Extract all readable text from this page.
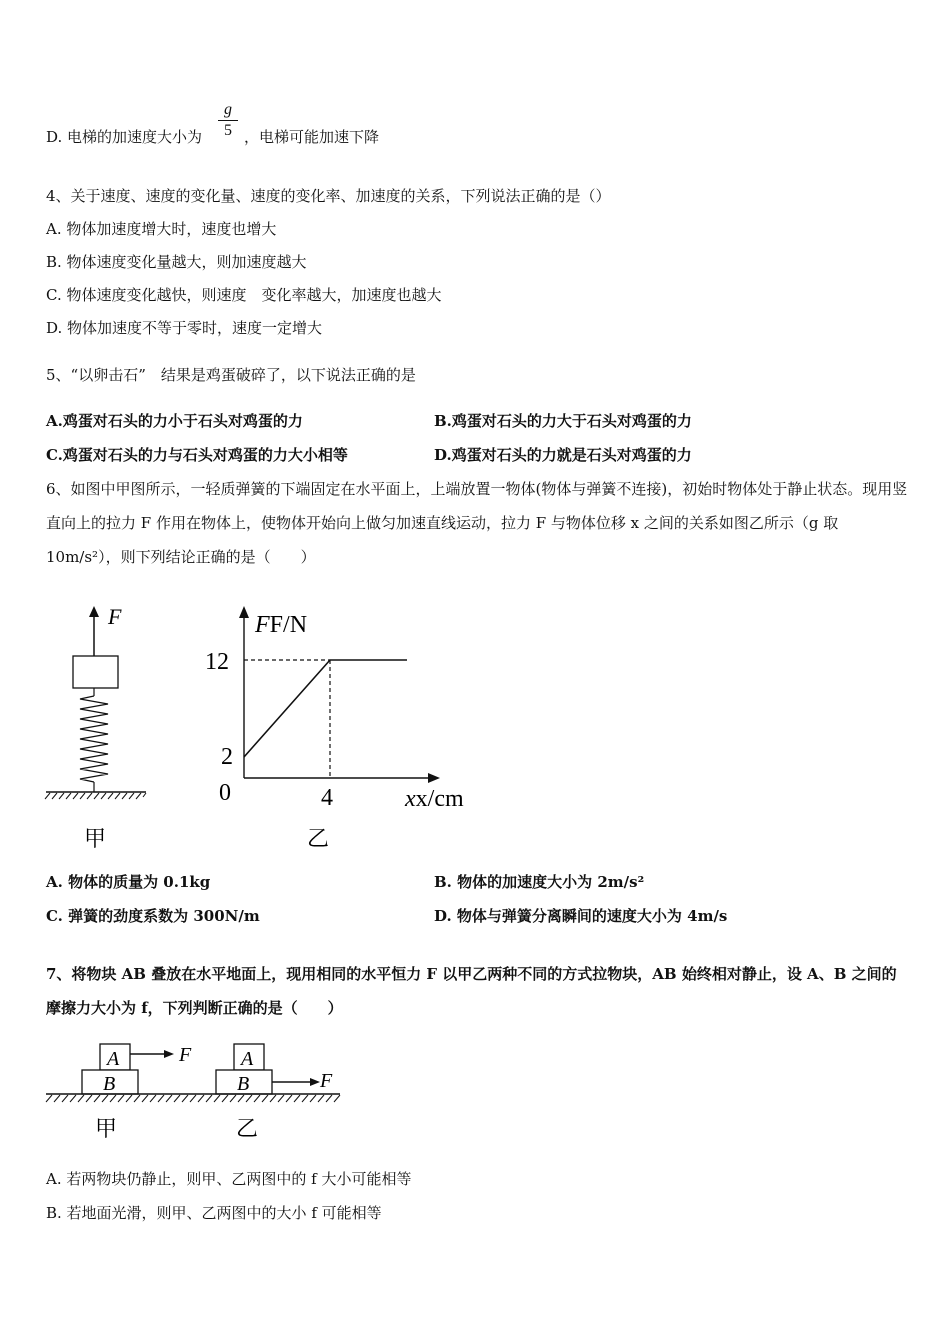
D. 电梯的加速度大小为 $\frac{g}{5}$ ，电梯可能加速下降
4、关于速度、速度的变化量、速度的变化率、加速度的关系，下列说法正确的是（）
A. 物体加速度增大时，速度也增大
B. 物体速度变化量越大，则加速度越大
C. 物体速度变化越快，则速度　变化率越大，加速度也越大
D. 物体加速度不等于零时，速度一定增大
5、“以卵击石”　结果是鸡蛋破碎了，以下说法正确的是
A.鸡蛋对石头的力小于石头对鸡蛋的力	B.鸡蛋对石头的力大于石头对鸡蛋的力
C.鸡蛋对石头的力与石头对鸡蛋的力大小相等	D.鸡蛋对石头的力就是石头对鸡蛋的力
6、如图中甲图所示，一轻质弹簧的下端固定在水平面上，上端放置一物体(物体与弹簧不连接)，初始时物体处于静止状态。现用竖直向上的拉力 F 作用在物体上，使物体开始向上做匀加速直线运动，拉力 F 与物体位移 x 之间的关系如图乙所示（g 取 10m/s²），则下列结论正确的是（　　）
F
甲
FF/N
xx/cm
0
12
2
4
乙
A. 物体的质量为 0.1kg	B. 物体的加速度大小为 2m/s²
C. 弹簧的劲度系数为 300N/m	D. 物体与弹簧分离瞬间的速度大小为 4m/s
7、将物块 AB 叠放在水平地面上，现用相同的水平恒力 F 以甲乙两种不同的方式拉物块，AB 始终相对静止，设 A、B 之间的摩擦力大小为 f，下列判断正确的是（　　）
A
B
F A
B	F
甲	乙
A. 若两物块仍静止，则甲、乙两图中的 f 大小可能相等
B. 若地面光滑，则甲、乙两图中的大小 f 可能相等
